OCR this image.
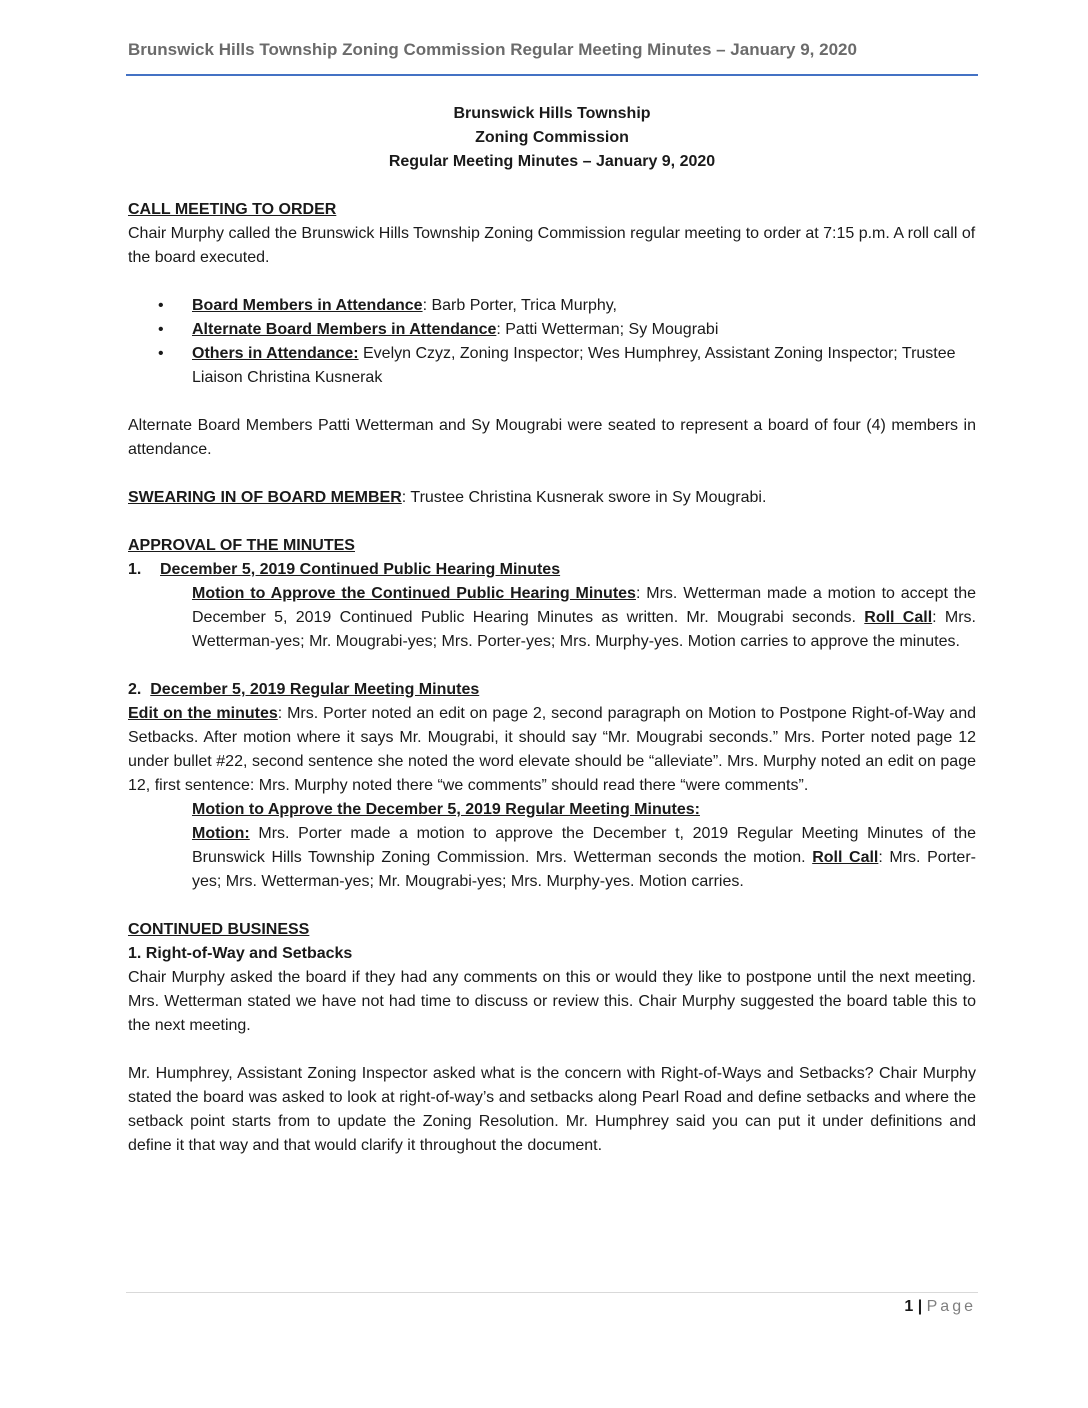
Brunswick Hills Township Zoning Commission Regular Meeting Minutes – January 9, 2020
Brunswick Hills Township
Zoning Commission
Regular Meeting Minutes – January 9, 2020

CALL MEETING TO ORDER

Chair Murphy called the Brunswick Hills Township Zoning Commission regular meeting to order at 7:15 p.m. A roll call of the board executed.

• Board Members in Attendance: Barb Porter, Trica Murphy,
• Alternate Board Members in Attendance: Patti Wetterman; Sy Mougrabi
• Others in Attendance: Evelyn Czyz, Zoning Inspector; Wes Humphrey, Assistant Zoning Inspector; Trustee Liaison Christina Kusnerak

Alternate Board Members Patti Wetterman and Sy Mougrabi were seated to represent a board of four (4) members in attendance.

SWEARING IN OF BOARD MEMBER: Trustee Christina Kusnerak swore in Sy Mougrabi.

APPROVAL OF THE MINUTES

1. December 5, 2019 Continued Public Hearing Minutes

Motion to Approve the Continued Public Hearing Minutes: Mrs. Wetterman made a motion to accept the December 5, 2019 Continued Public Hearing Minutes as written. Mr. Mougrabi seconds. Roll Call: Mrs. Wetterman-yes; Mr. Mougrabi-yes; Mrs. Porter-yes; Mrs. Murphy-yes. Motion carries to approve the minutes.

2. December 5, 2019 Regular Meeting Minutes

Edit on the minutes: Mrs. Porter noted an edit on page 2, second paragraph on Motion to Postpone Right-of-Way and Setbacks. After motion where it says Mr. Mougrabi, it should say “Mr. Mougrabi seconds.” Mrs. Porter noted page 12 under bullet #22, second sentence she noted the word elevate should be “alleviate”. Mrs. Murphy noted an edit on page 12, first sentence: Mrs. Murphy noted there “we comments” should read there “were comments”.

Motion to Approve the December 5, 2019 Regular Meeting Minutes:

Motion: Mrs. Porter made a motion to approve the December t, 2019 Regular Meeting Minutes of the Brunswick Hills Township Zoning Commission. Mrs. Wetterman seconds the motion. Roll Call: Mrs. Porter-yes; Mrs. Wetterman-yes; Mr. Mougrabi-yes; Mrs. Murphy-yes. Motion carries.

CONTINUED BUSINESS

1. Right-of-Way and Setbacks

Chair Murphy asked the board if they had any comments on this or would they like to postpone until the next meeting. Mrs. Wetterman stated we have not had time to discuss or review this. Chair Murphy suggested the board table this to the next meeting.

Mr. Humphrey, Assistant Zoning Inspector asked what is the concern with Right-of-Ways and Setbacks? Chair Murphy stated the board was asked to look at right-of-way’s and setbacks along Pearl Road and define setbacks and where the setback point starts from to update the Zoning Resolution. Mr. Humphrey said you can put it under definitions and define it that way and that would clarify it throughout the document.

1 | Page
